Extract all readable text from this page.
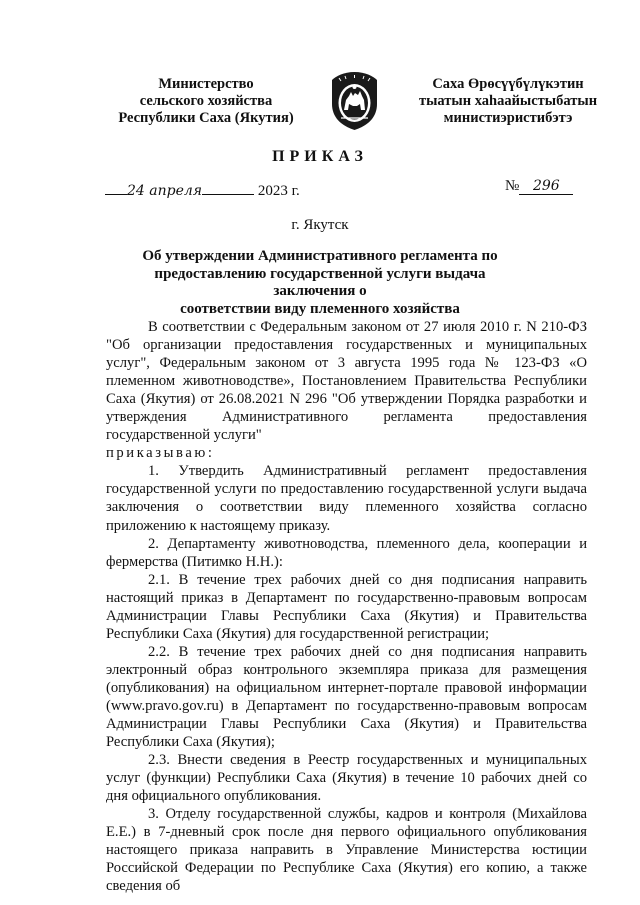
Министерство
сельского хозяйства
Республики Саха (Якутия)
Саха Өрөсүүбүлүкэтин
тыатын хаһаайыстыбатын
министиэристибэтэ
ПРИКАЗ
24 апреля	2023 г.	№ 296
г. Якутск
Об утверждении Административного регламента по
предоставлению государственной услуги выдача заключения о
соответствии виду племенного хозяйства

В соответствии с Федеральным законом от 27 июля 2010 г. N 210-ФЗ "Об организации предоставления государственных и муниципальных услуг", Федеральным законом от 3 августа 1995 года № 123-ФЗ «О племенном животноводстве», Постановлением Правительства Республики Саха (Якутия) от 26.08.2021 N 296 "Об утверждении Порядка разработки и утверждения Административного регламента предоставления государственной услуги"

приказываю:

1. Утвердить Административный регламент предоставления государственной услуги по предоставлению государственной услуги выдача заключения о соответствии виду племенного хозяйства согласно приложению к настоящему приказу.

2. Департаменту животноводства, племенного дела, кооперации и фермерства (Питимко Н.Н.):

2.1. В течение трех рабочих дней со дня подписания направить настоящий приказ в Департамент по государственно-правовым вопросам Администрации Главы Республики Саха (Якутия) и Правительства Республики Саха (Якутия) для государственной регистрации;

2.2. В течение трех рабочих дней со дня подписания направить электронный образ контрольного экземпляра приказа для размещения (опубликования) на официальном интернет-портале правовой информации (www.pravo.gov.ru) в Департамент по государственно-правовым вопросам Администрации Главы Республики Саха (Якутия) и Правительства Республики Саха (Якутия);

2.3. Внести сведения в Реестр государственных и муниципальных услуг (функции) Республики Саха (Якутия) в течение 10 рабочих дней со дня официального опубликования.

3. Отделу государственной службы, кадров и контроля (Михайлова Е.Е.) в 7-дневный срок после дня первого официального опубликования настоящего приказа направить в Управление Министерства юстиции Российской Федерации по Республике Саха (Якутия) его копию, а также сведения об
